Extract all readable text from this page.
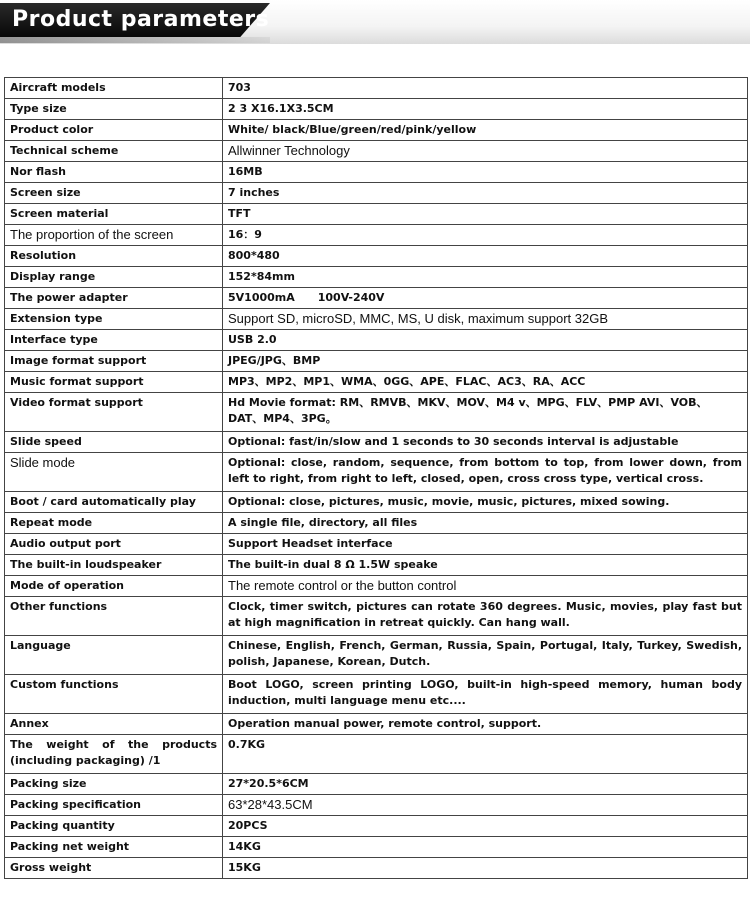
Product parameters
Aircraft models	703
Type size	2 3 X16.1X3.5CM
Product color	White/ black/Blue/green/red/pink/yellow
Technical scheme	Allwinner Technology
Nor flash	16MB
Screen size	7 inches
Screen material	TFT
The proportion of the screen	16：9
Resolution	800*480
Display range	152*84mm
The power adapter	5V1000mA      100V-240V
Extension type	Support SD, microSD, MMC, MS, U disk, maximum support 32GB
Interface type	USB 2.0
Image format support	JPEG/JPG、BMP
Music format support	MP3、MP2、MP1、WMA、0GG、APE、FLAC、AC3、RA、ACC
Video format support	Hd Movie format: RM、RMVB、MKV、MOV、M4 v、MPG、FLV、PMP AVI、VOB、DAT、MP4、3PG。
Slide speed	Optional: fast/in/slow and 1 seconds to 30 seconds interval is adjustable
Slide mode	Optional: close, random, sequence, from bottom to top, from lower down, from left to right, from right to left, closed, open, cross cross type, vertical cross.
Boot / card automatically play	Optional: close, pictures, music, movie, music, pictures, mixed sowing.
Repeat mode	A single file, directory, all files
Audio output port	Support Headset interface
The built-in loudspeaker	The built-in dual 8 Ω 1.5W speake
Mode of operation	The remote control or the button control
Other functions	Clock, timer switch, pictures can rotate 360 degrees. Music, movies, play fast but at high magnification in retreat quickly. Can hang wall.
Language	Chinese, English, French, German, Russia, Spain, Portugal, Italy, Turkey, Swedish, polish, Japanese, Korean, Dutch.
Custom functions	Boot LOGO, screen printing LOGO, built-in high-speed memory, human body induction, multi language menu etc....
Annex	Operation manual power, remote control, support.
The weight of the products (including packaging) /1	0.7KG
Packing size	27*20.5*6CM
Packing specification	63*28*43.5CM
Packing quantity	20PCS
Packing net weight	14KG
Gross weight	15KG
